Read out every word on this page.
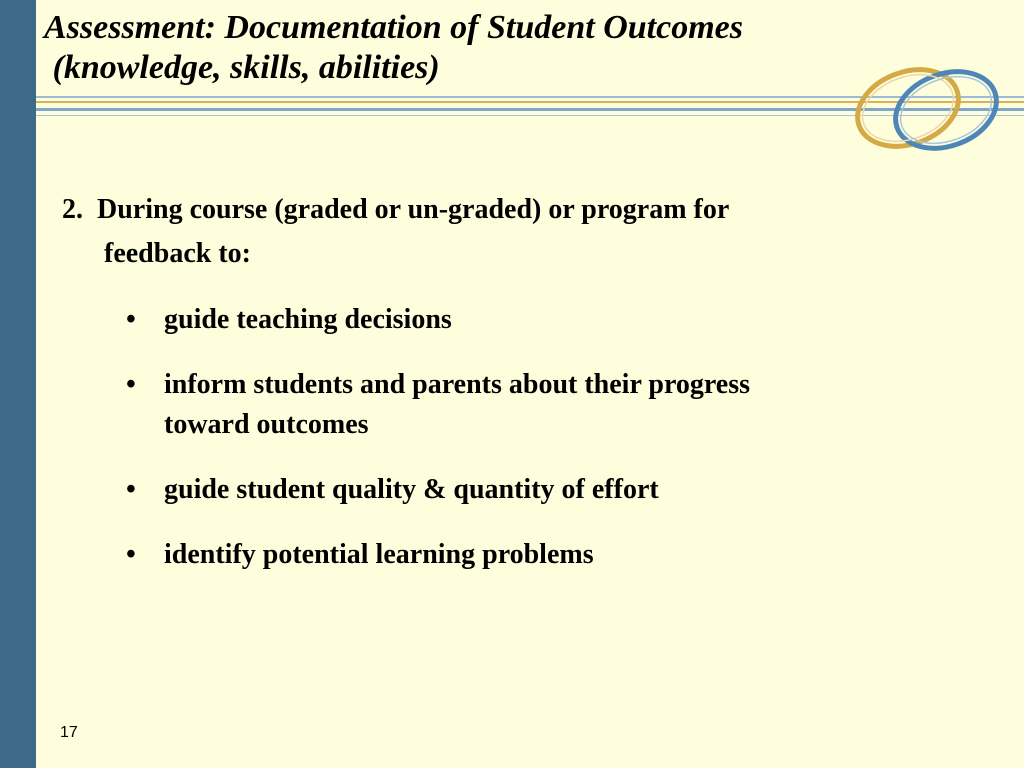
Assessment: Documentation of Student Outcomes
(knowledge, skills, abilities)
2.  During course (graded or un-graded) or program for
feedback to:
• guide teaching decisions
• inform students and parents about their progress
toward outcomes
• guide student quality & quantity of effort
• identify potential learning problems
17
